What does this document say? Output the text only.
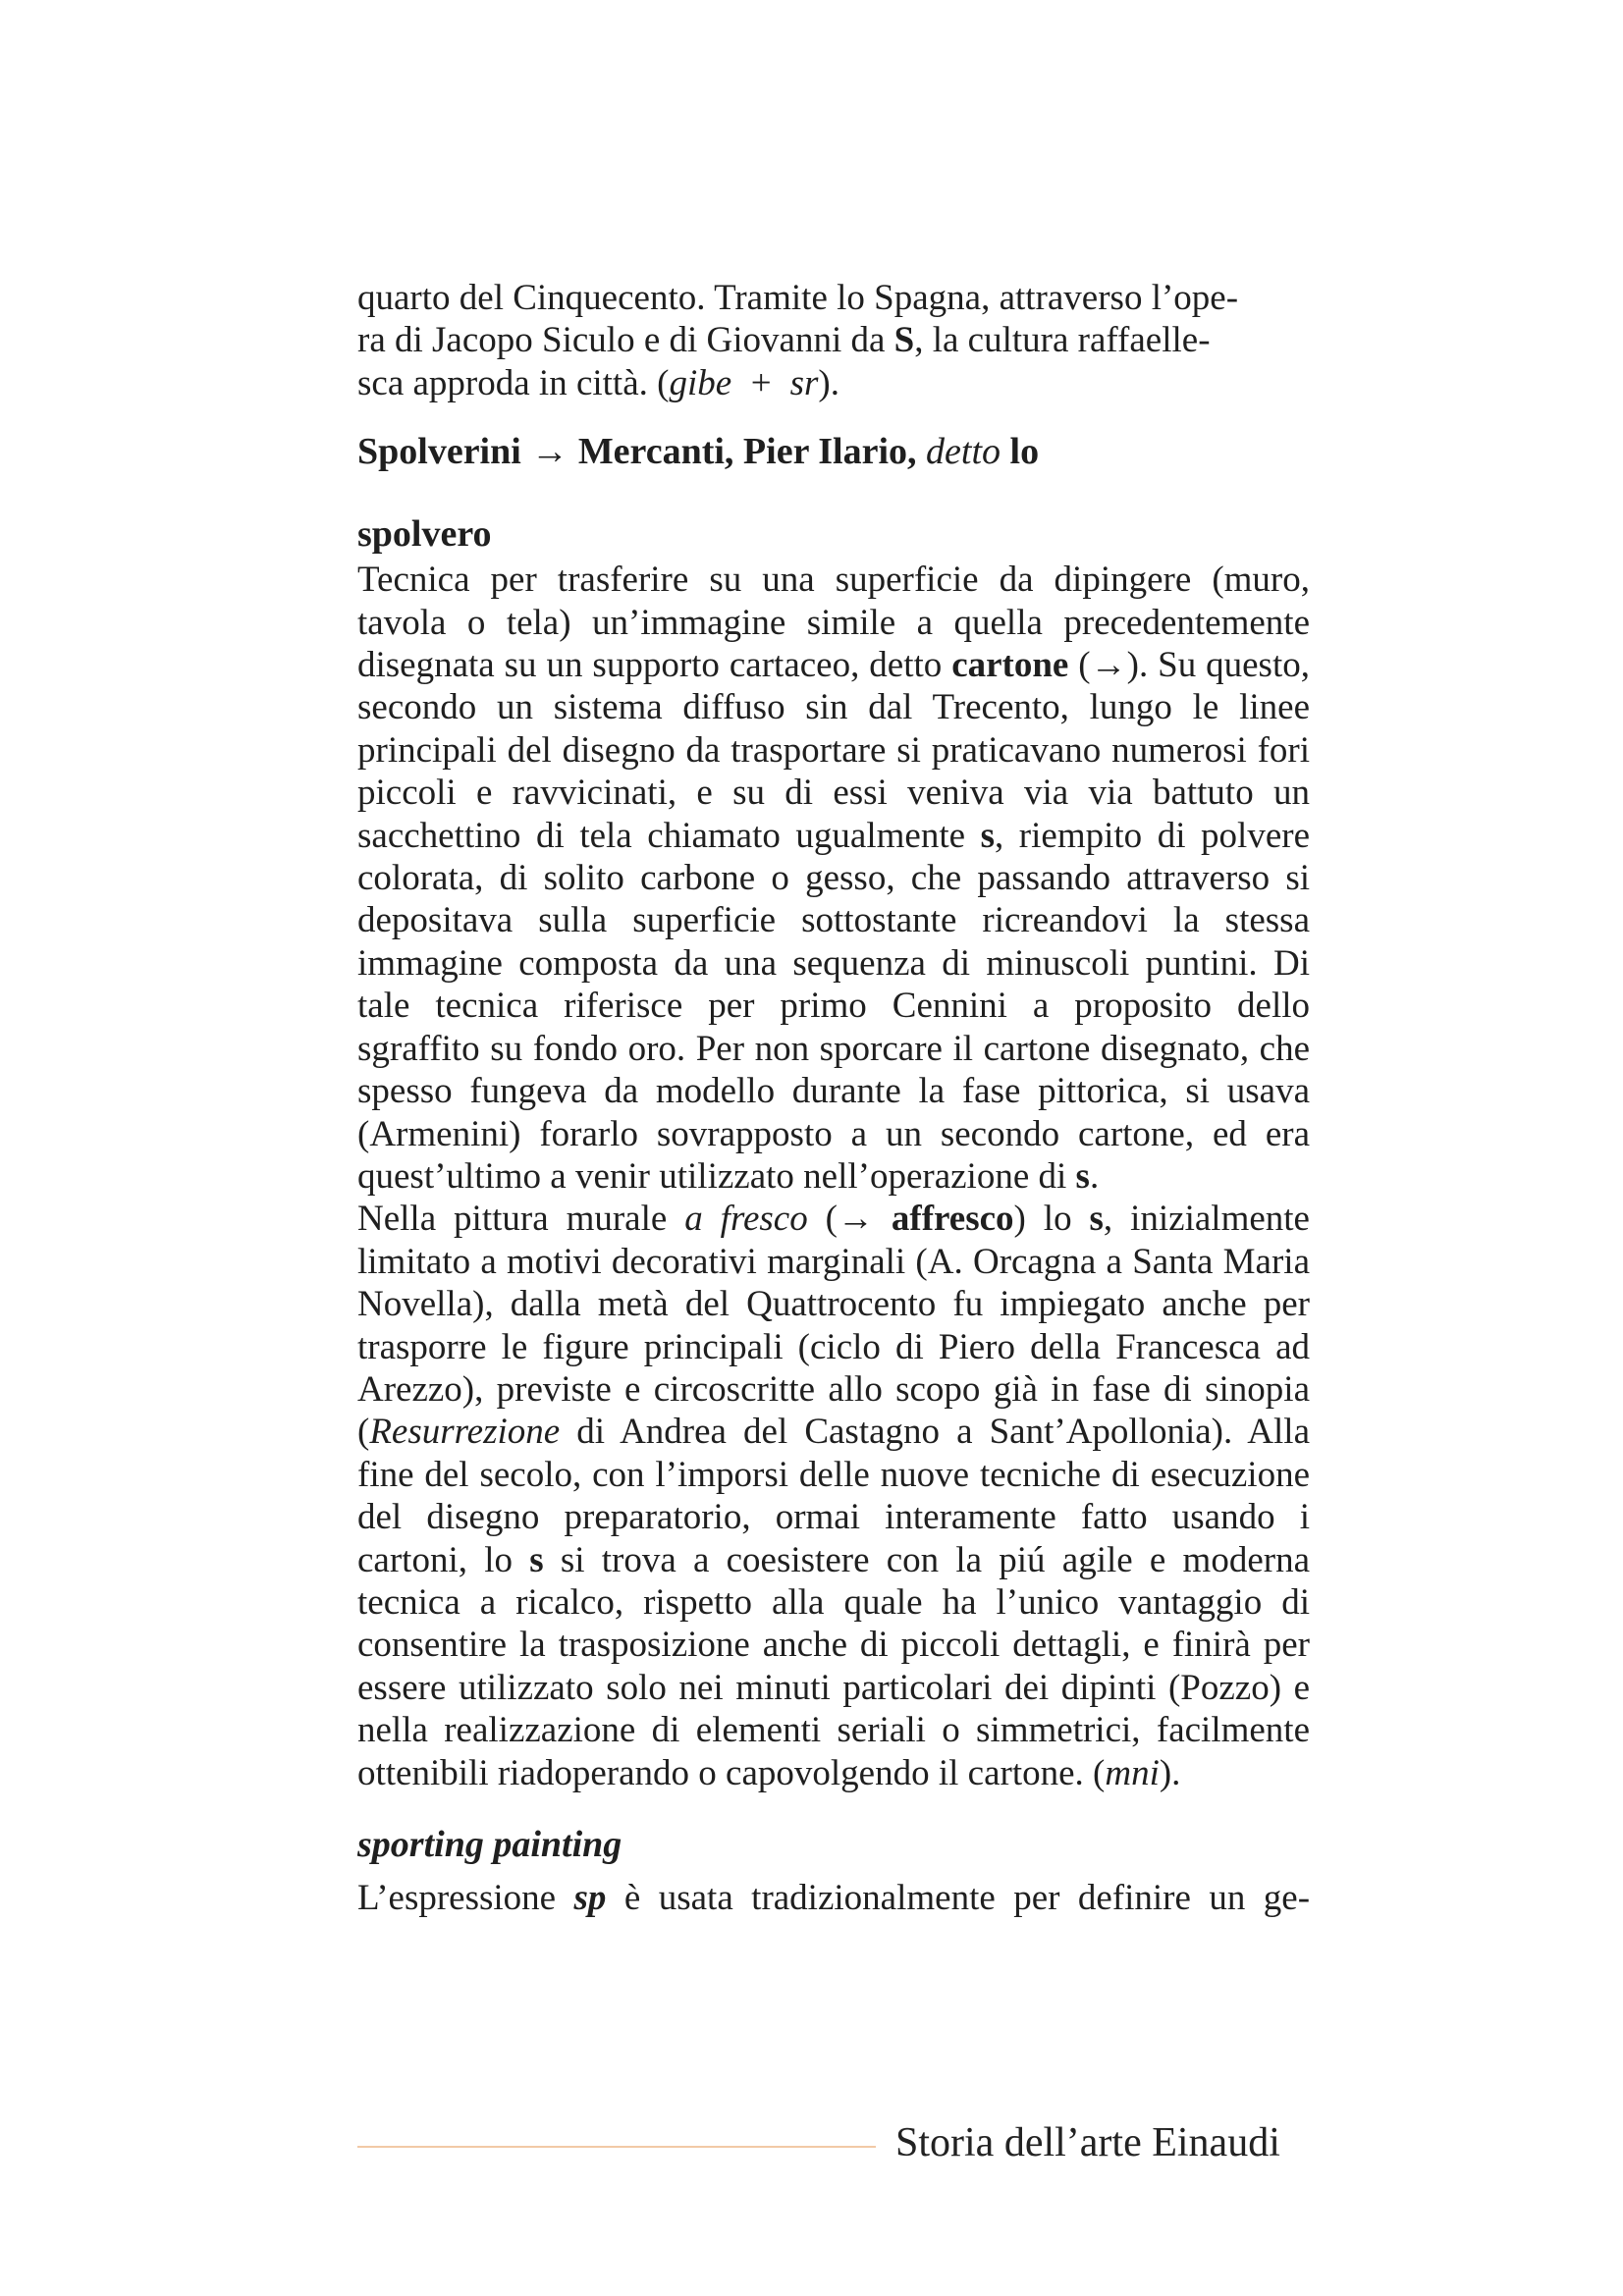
quarto del Cinquecento. Tramite lo Spagna, attraverso l’ope-
ra di Jacopo Siculo e di Giovanni da S, la cultura raffaelle-
sca approda in città. (gibe + sr).

Spolverini → Mercanti, Pier Ilario, detto lo

spolvero

Tecnica per trasferire su una superficie da dipingere (muro, tavola o tela) un’immagine simile a quella precedentemente disegnata su un supporto cartaceo, detto cartone (→). Su questo, secondo un sistema diffuso sin dal Trecento, lungo le linee principali del disegno da trasportare si praticavano numerosi fori piccoli e ravvicinati, e su di essi veniva via via battuto un sacchettino di tela chiamato ugualmente s, riempito di polvere colorata, di solito carbone o gesso, che passando attraverso si depositava sulla superficie sottostante ricreandovi la stessa immagine composta da una sequenza di minuscoli puntini. Di tale tecnica riferisce per primo Cennini a proposito dello sgraffito su fondo oro. Per non sporcare il cartone disegnato, che spesso fungeva da modello durante la fase pittorica, si usava (Armenini) forarlo sovrapposto a un secondo cartone, ed era quest’ultimo a venir utilizzato nell’operazione di s.

Nella pittura murale a fresco (→ affresco) lo s, inizialmente limitato a motivi decorativi marginali (A. Orcagna a Santa Maria Novella), dalla metà del Quattrocento fu impiegato anche per trasporre le figure principali (ciclo di Piero della Francesca ad Arezzo), previste e circoscritte allo scopo già in fase di sinopia (Resurrezione di Andrea del Castagno a Sant’Apollonia). Alla fine del secolo, con l’imporsi delle nuove tecniche di esecuzione del disegno preparatorio, ormai interamente fatto usando i cartoni, lo s si trova a coesistere con la piú agile e moderna tecnica a ricalco, rispetto alla quale ha l’unico vantaggio di consentire la trasposizione anche di piccoli dettagli, e finirà per essere utilizzato solo nei minuti particolari dei dipinti (Pozzo) e nella realizzazione di elementi seriali o simmetrici, facilmente ottenibili riadoperando o capovolgendo il cartone. (mni).

sporting painting

L’espressione sp è usata tradizionalmente per definire un ge-

Storia dell’arte Einaudi
